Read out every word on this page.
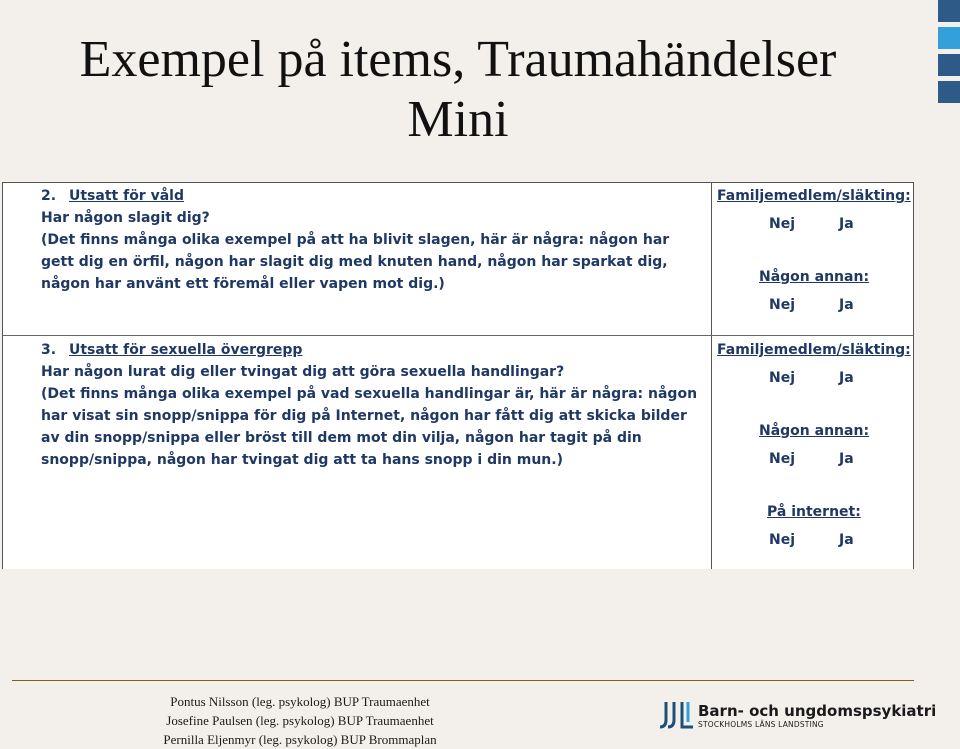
Exempel på items, Traumahändelser
Mini
2. Utsatt för våld
Har någon slagit dig?
(Det finns många olika exempel på att ha blivit slagen, här är några: någon har gett dig en örfil, någon har slagit dig med knuten hand, någon har sparkat dig, någon har använt ett föremål eller vapen mot dig.)
Familjemedlem/släkting:
Nej	Ja
Någon annan:
Nej	Ja
3. Utsatt för sexuella övergrepp
Har någon lurat dig eller tvingat dig att göra sexuella handlingar?
(Det finns många olika exempel på vad sexuella handlingar är, här är några: någon har visat sin snopp/snippa för dig på Internet, någon har fått dig att skicka bilder av din snopp/snippa eller bröst till dem mot din vilja, någon har tagit på din snopp/snippa, någon har tvingat dig att ta hans snopp i din mun.)
Familjemedlem/släkting:
Nej	Ja
Någon annan:
Nej	Ja
På internet:
Nej	Ja
Pontus Nilsson (leg. psykolog) BUP Traumaenhet
Josefine Paulsen (leg. psykolog) BUP Traumaenhet
Pernilla Eljenmyr (leg. psykolog) BUP Brommaplan
Barn- och ungdomspsykiatri
STOCKHOLMS LÄNS LANDSTING
